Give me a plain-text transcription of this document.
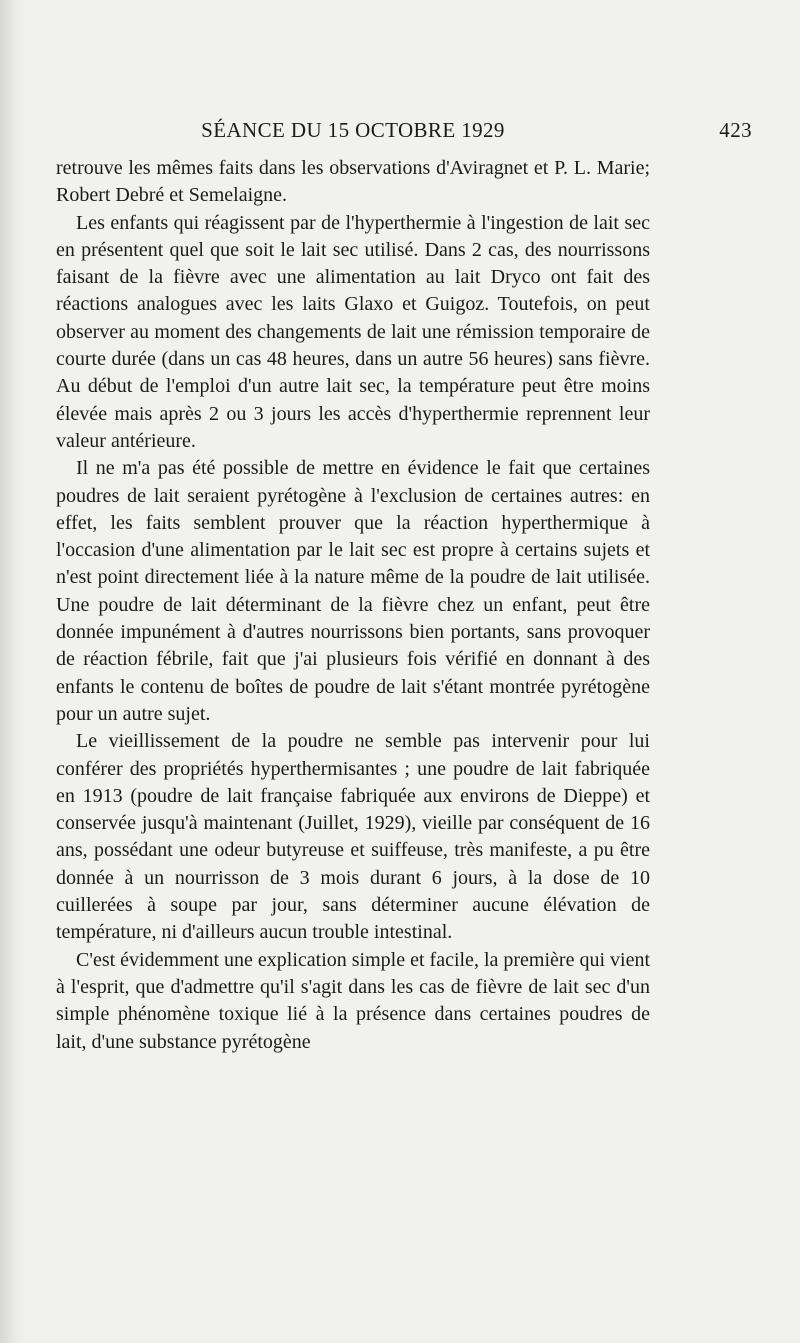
SÉANCE DU 15 OCTOBRE 1929	423

retrouve les mêmes faits dans les observations d'Aviragnet et P. L. Marie; Robert Debré et Semelaigne.

Les enfants qui réagissent par de l'hyperthermie à l'ingestion de lait sec en présentent quel que soit le lait sec utilisé. Dans 2 cas, des nourrissons faisant de la fièvre avec une alimentation au lait Dryco ont fait des réactions analogues avec les laits Glaxo et Guigoz. Toutefois, on peut observer au moment des changements de lait une rémission temporaire de courte durée (dans un cas 48 heures, dans un autre 56 heures) sans fièvre. Au début de l'emploi d'un autre lait sec, la température peut être moins élevée mais après 2 ou 3 jours les accès d'hyperthermie reprennent leur valeur antérieure.

Il ne m'a pas été possible de mettre en évidence le fait que certaines poudres de lait seraient pyrétogène à l'exclusion de certaines autres: en effet, les faits semblent prouver que la réaction hyperthermique à l'occasion d'une alimentation par le lait sec est propre à certains sujets et n'est point directement liée à la nature même de la poudre de lait utilisée. Une poudre de lait déterminant de la fièvre chez un enfant, peut être donnée impunément à d'autres nourrissons bien portants, sans provoquer de réaction fébrile, fait que j'ai plusieurs fois vérifié en donnant à des enfants le contenu de boîtes de poudre de lait s'étant montrée pyrétogène pour un autre sujet.

Le vieillissement de la poudre ne semble pas intervenir pour lui conférer des propriétés hyperthermisantes ; une poudre de lait fabriquée en 1913 (poudre de lait française fabriquée aux environs de Dieppe) et conservée jusqu'à maintenant (Juillet, 1929), vieille par conséquent de 16 ans, possédant une odeur butyreuse et suiffeuse, très manifeste, a pu être donnée à un nourrisson de 3 mois durant 6 jours, à la dose de 10 cuillerées à soupe par jour, sans déterminer aucune élévation de température, ni d'ailleurs aucun trouble intestinal.

C'est évidemment une explication simple et facile, la première qui vient à l'esprit, que d'admettre qu'il s'agit dans les cas de fièvre de lait sec d'un simple phénomène toxique lié à la présence dans certaines poudres de lait, d'une substance pyrétogène
